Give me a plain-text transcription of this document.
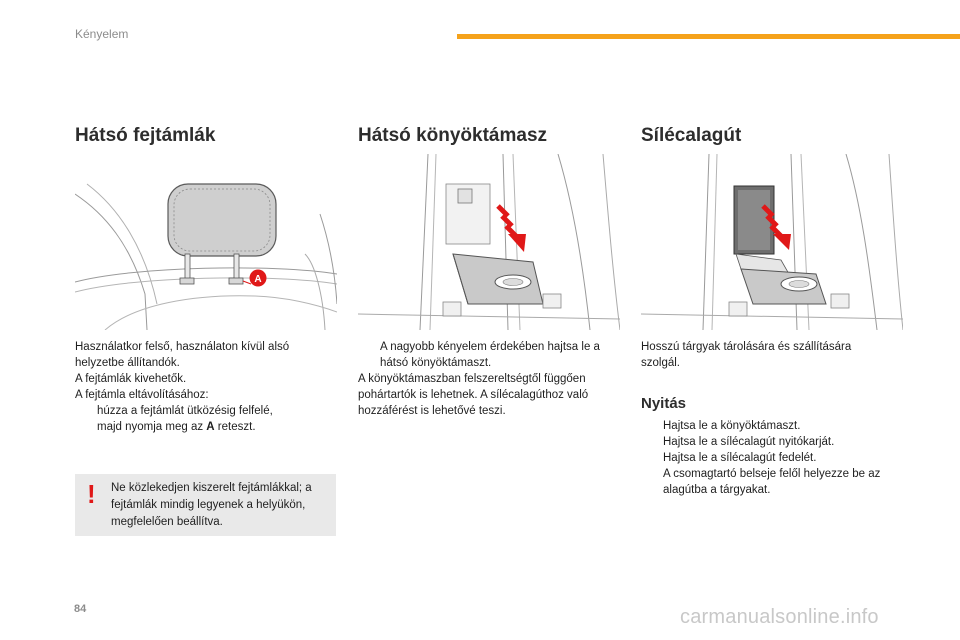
Kényelem
Hátsó fejtámlák
A

Használatkor felső, használaton kívül alsó

helyzetbe állítandók.

A fejtámlák kivehetők.

A fejtámla eltávolításához:

húzza a fejtámlát ütközésig felfelé,
majd nyomja meg az A reteszt.
! Ne közlekedjen kiszerelt fejtámlákkal; a fejtámlák mindig legyenek a helyükön, megfelelően beállítva.
Hátsó könyöktámasz
A nagyobb kényelem érdekében hajtsa le a hátsó könyöktámaszt.

A könyöktámaszban felszereltségtől függően

pohártartók is lehetnek. A sílécalagúthoz való

hozzáférést is lehetővé teszi.

Sílécalagút

Hosszú tárgyak tárolására és szállítására

szolgál.

Nyitás
Hajtsa le a könyöktámaszt.
Hajtsa le a sílécalagút nyitókarját.
Hajtsa le a sílécalagút fedelét.
A csomagtartó belseje felől helyezze be az alagútba a tárgyakat.
84	carmanualsonline.info
